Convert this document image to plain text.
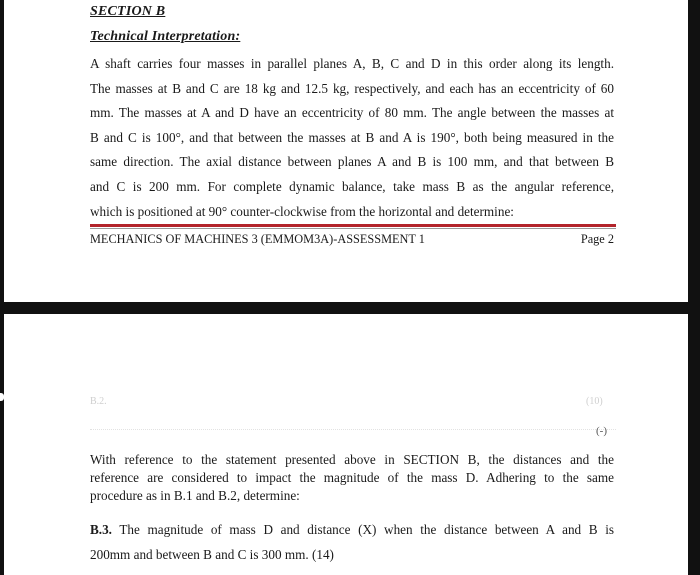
SECTION B
Technical Interpretation:
A shaft carries four masses in parallel planes A, B, C and D in this order along its length.
The masses at B and C are 18 kg and 12.5 kg, respectively, and each has an eccentricity of 60
mm. The masses at A and D have an eccentricity of 80 mm. The angle between the masses at
B and C is 100°, and that between the masses at B and A is 190°, both being measured in the
same direction. The axial distance between planes A and B is 100 mm, and that between B
and C is 200 mm. For complete dynamic balance, take mass B as the angular reference,
which is positioned at 90° counter-clockwise from the horizontal and determine:
MECHANICS OF MACHINES 3 (EMMOM3A)-ASSESSMENT 1	Page 2
B.2.	(10)
(-)
With reference to the statement presented above in SECTION B, the distances and the
reference are considered to impact the magnitude of the mass D. Adhering to the same
procedure as in B.1 and B.2, determine:
B.3. The magnitude of mass D and distance (X) when the distance between A and B is
200mm and between B and C is 300 mm. (14)
